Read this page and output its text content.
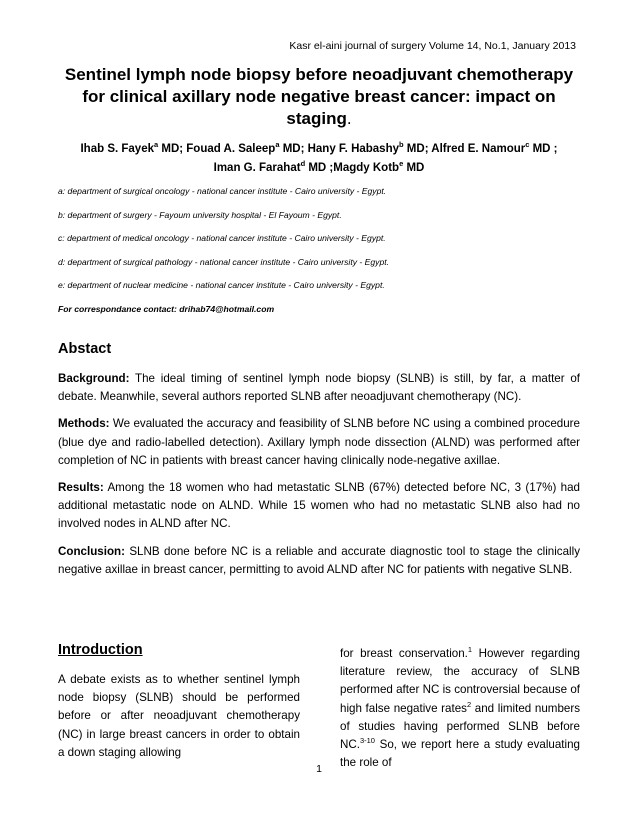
Kasr el-aini journal of surgery Volume 14, No.1, January 2013
Sentinel lymph node biopsy before neoadjuvant chemotherapy for clinical axillary node negative breast cancer: impact on staging.
Ihab S. Fayek$^a$ MD; Fouad A. Saleep$^a$ MD; Hany F. Habashy$^b$ MD; Alfred E. Namour$^c$ MD ;
Iman G. Farahat$^d$ MD ;Magdy Kotb$^e$ MD
a: department of surgical oncology - national cancer institute - Cairo university - Egypt.
b: department of surgery - Fayoum university hospital - El Fayoum - Egypt.
c: department of medical oncology - national cancer institute - Cairo university - Egypt.
d: department of surgical pathology - national cancer institute - Cairo university - Egypt.
e: department of nuclear medicine - national cancer institute - Cairo university - Egypt.
For correspondance contact: drihab74@hotmail.com
Abstact

Background: The ideal timing of sentinel lymph node biopsy (SLNB) is still, by far, a matter of debate. Meanwhile, several authors reported SLNB after neoadjuvant chemotherapy (NC).

Methods: We evaluated the accuracy and feasibility of SLNB before NC using a combined procedure (blue dye and radio-labelled detection). Axillary lymph node dissection (ALND) was performed after completion of NC in patients with breast cancer having clinically node-negative axillae.

Results: Among the 18 women who had metastatic SLNB (67%) detected before NC, 3 (17%) had additional metastatic node on ALND. While 15 women who had no metastatic SLNB also had no involved nodes in ALND after NC.

Conclusion: SLNB done before NC is a reliable and accurate diagnostic tool to stage the clinically negative axillae in breast cancer, permitting to avoid ALND after NC for patients with negative SLNB.

Introduction
A debate exists as to whether sentinel lymph node biopsy (SLNB) should be performed before or after neoadjuvant chemotherapy (NC) in large breast cancers in order to obtain a down staging allowing
for breast conservation.$^1$ However regarding literature review, the accuracy of SLNB performed after NC is controversial because of high false negative rates$^2$ and limited numbers of studies having performed SLNB before NC.$^{3-10}$ So, we report here a study evaluating the role of
1
